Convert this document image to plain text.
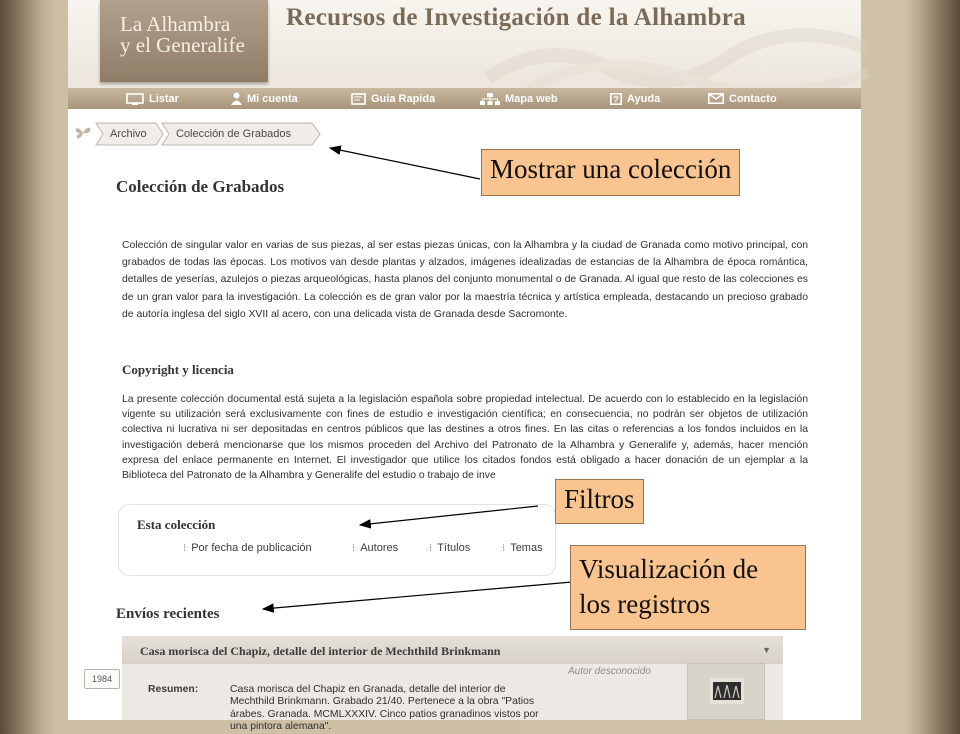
La Alhambra
y el Generalife
Recursos de Investigación de la Alhambra
Listar	Mi cuenta	Guia Rapida	Mapa web	? Ayuda	Contacto
Archivo	Colección de Grabados
Colección de Grabados
Colección de singular valor en varias de sus piezas, al ser estas piezas únicas, con la Alhambra y la ciudad de Granada como motivo principal, con grabados de todas las épocas. Los motivos van desde plantas y alzados, imágenes idealizadas de estancias de la Alhambra de época romántica, detalles de yeserías, azulejos o piezas arqueológicas, hasta planos del conjunto monumental o de Granada. Al igual que resto de las colecciones es de un gran valor para la investigación. La colección es de gran valor por la maestría técnica y artística empleada, destacando un precioso grabado de autoría inglesa del siglo XVII al acero, con una delicada vista de Granada desde Sacromonte.
Copyright y licencia
La presente colección documental está sujeta a la legislación española sobre propiedad intelectual. De acuerdo con lo establecido en la legislación vigente su utilización será exclusivamente con fines de estudio e investigación científica; en consecuencia, no podrán ser objetos de utilización colectiva ni lucrativa ni ser depositadas en centros públicos que las destines a otros fines. En las citas o referencias a los fondos incluidos en la investigación deberá mencionarse que los mismos proceden del Archivo del Patronato de la Alhambra y Generalife y, además, hacer mención expresa del enlace permanente en Internet. El investigador que utilice los citados fondos está obligado a hacer donación de un ejemplar a la Biblioteca del Patronato de la Alhambra y Generalife del estudio o trabajo de inve
Esta colección
⁝ Por fecha de publicación	⁝ Autores	⁝ Títulos	⁝ Temas
Envíos recientes
Casa morisca del Chapiz, detalle del interior de Mechthild Brinkmann	▼
Autor desconocido
Resumen:	Casa morisca del Chapiz en Granada, detalle del interior de Mechthild Brinkmann. Grabado 21/40. Pertenece a la obra "Patios árabes. Granada. MCMLXXXIV. Cinco patios granadinos vistos por una pintora alemana".
1984
Mostrar una colección
Filtros
Visualización de
los registros
